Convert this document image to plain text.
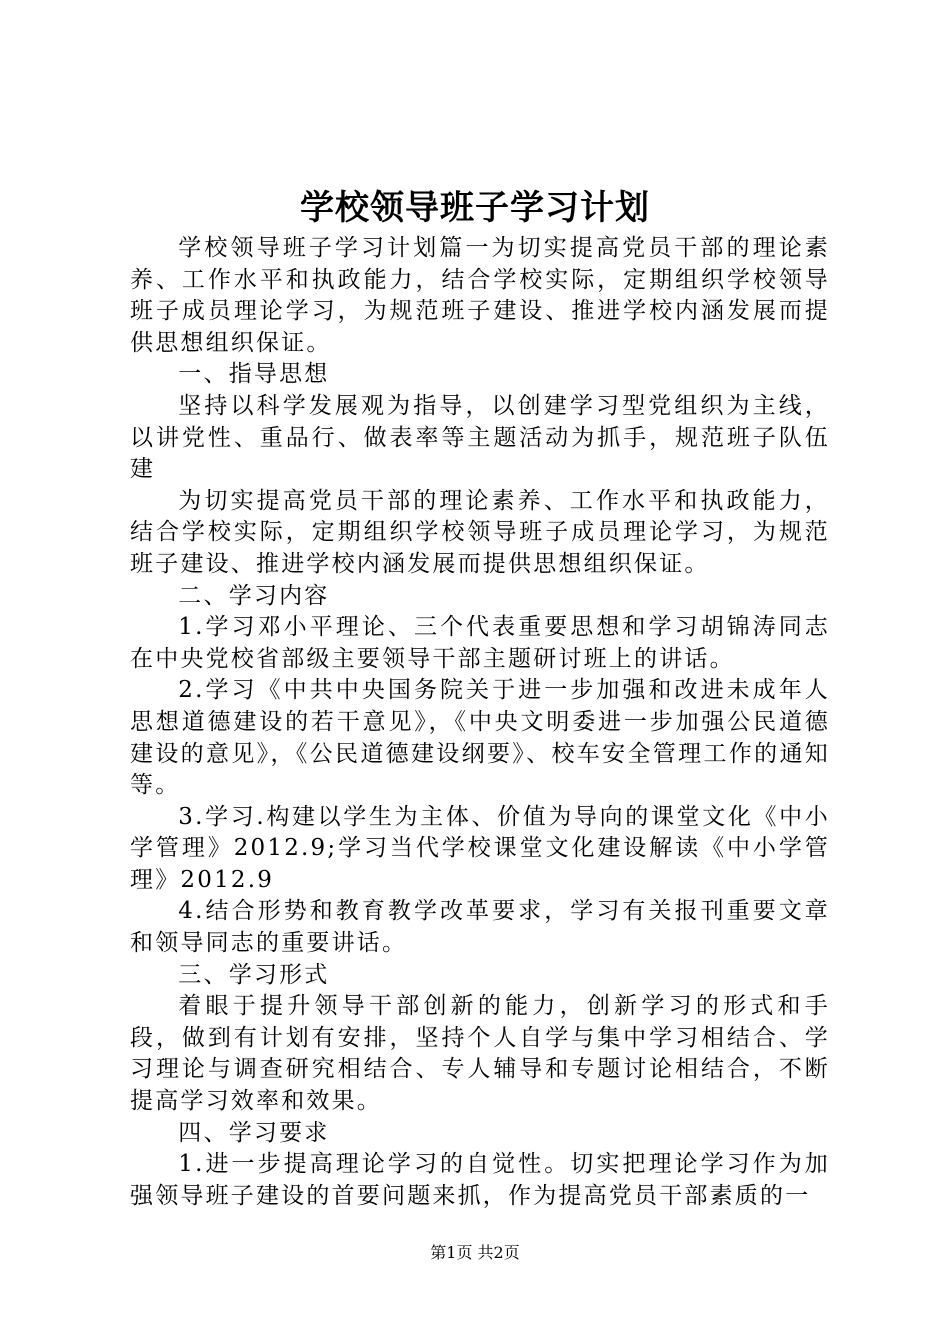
学校领导班子学习计划

学校领导班子学习计划篇一为切实提高党员干部的理论素养、工作水平和执政能力，结合学校实际，定期组织学校领导班子成员理论学习，为规范班子建设、推进学校内涵发展而提供思想组织保证。

一、指导思想

坚持以科学发展观为指导，以创建学习型党组织为主线，以讲党性、重品行、做表率等主题活动为抓手，规范班子队伍建

为切实提高党员干部的理论素养、工作水平和执政能力，结合学校实际，定期组织学校领导班子成员理论学习，为规范班子建设、推进学校内涵发展而提供思想组织保证。

二、学习内容

1.学习邓小平理论、三个代表重要思想和学习胡锦涛同志在中央党校省部级主要领导干部主题研讨班上的讲话。

2.学习《中共中央国务院关于进一步加强和改进未成年人思想道德建设的若干意见》，《中央文明委进一步加强公民道德建设的意见》，《公民道德建设纲要》、校车安全管理工作的通知等。

3.学习.构建以学生为主体、价值为导向的课堂文化《中小学管理》2012.9;学习当代学校课堂文化建设解读《中小学管理》2012.9

4.结合形势和教育教学改革要求，学习有关报刊重要文章和领导同志的重要讲话。

三、学习形式

着眼于提升领导干部创新的能力，创新学习的形式和手段，做到有计划有安排，坚持个人自学与集中学习相结合、学习理论与调查研究相结合、专人辅导和专题讨论相结合，不断提高学习效率和效果。

四、学习要求

1.进一步提高理论学习的自觉性。切实把理论学习作为加强领导班子建设的首要问题来抓，作为提高党员干部素质的一

第1页 共2页
